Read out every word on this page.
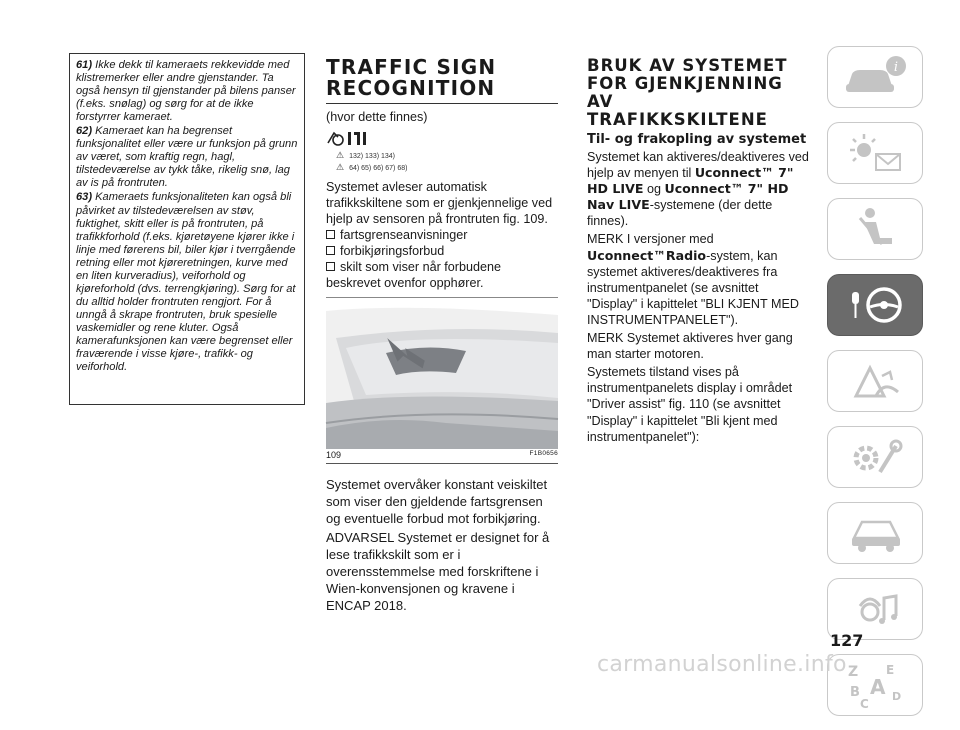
61) Ikke dekk til kameraets rekkevidde med klistremerker eller andre gjenstander. Ta også hensyn til gjenstander på bilens panser (f.eks. snølag) og sørg for at de ikke forstyrrer kameraet.

62) Kameraet kan ha begrenset funksjonalitet eller være ur funksjon på grunn av været, som kraftig regn, hagl, tilstedeværelse av tykk tåke, rikelig snø, lag av is på frontruten.

63) Kameraets funksjonaliteten kan også bli påvirket av tilstedeværelsen av støv, fuktighet, skitt eller is på frontruten, på trafikkforhold (f.eks. kjøretøyene kjører ikke i linje med førerens bil, biler kjør i tverrgående retning eller mot kjøreretningen, kurve med en liten kurveradius), veiforhold og kjøreforhold (dvs. terrengkjøring). Sørg for at du alltid holder frontruten rengjort. For å unngå å skrape frontruten, bruk spesielle vaskemidler og rene kluter. Også kamerafunksjonen kan være begrenset eller fraværende i visse kjøre-, trafikk- og veiforhold.

TRAFFIC SIGN
RECOGNITION
(hvor dette finnes)
⚠ 132) 133) 134)
⚠ 64) 65) 66) 67) 68)

Systemet avleser automatisk trafikkskiltene som er gjenkjennelige ved hjelp av sensoren på frontruten fig. 109.

fartsgrenseanvisninger
forbikjøringsforbud
skilt som viser når forbudene
beskrevet ovenfor opphører.
109	F1B0656

Systemet overvåker konstant veiskiltet som viser den gjeldende fartsgrensen og eventuelle forbud mot forbikjøring.

ADVARSEL Systemet er designet for å lese trafikkskilt som er i overensstemmelse med forskriftene i Wien-konvensjonen og kravene i ENCAP 2018.

BRUK AV SYSTEMET
FOR GJENKJENNING AV
TRAFIKKSKILTENE
Til- og frakopling av systemet

Systemet kan aktiveres/deaktiveres ved hjelp av menyen til Uconnect™ 7" HD LIVE og Uconnect™ 7" HD Nav LIVE-systemene (der dette finnes).

MERK I versjoner med Uconnect™Radio-system, kan systemet aktiveres/deaktiveres fra instrumentpanelet (se avsnittet "Display" i kapittelet "BLI KJENT MED INSTRUMENTPANELET").

MERK Systemet aktiveres hver gang man starter motoren.

Systemets tilstand vises på instrumentpanelets display i området "Driver assist" fig. 110 (se avsnittet "Display" i kapittelet "Bli kjent med instrumentpanelet"):

i
Z E
B A
C
D
127
carmanualsonline.info
